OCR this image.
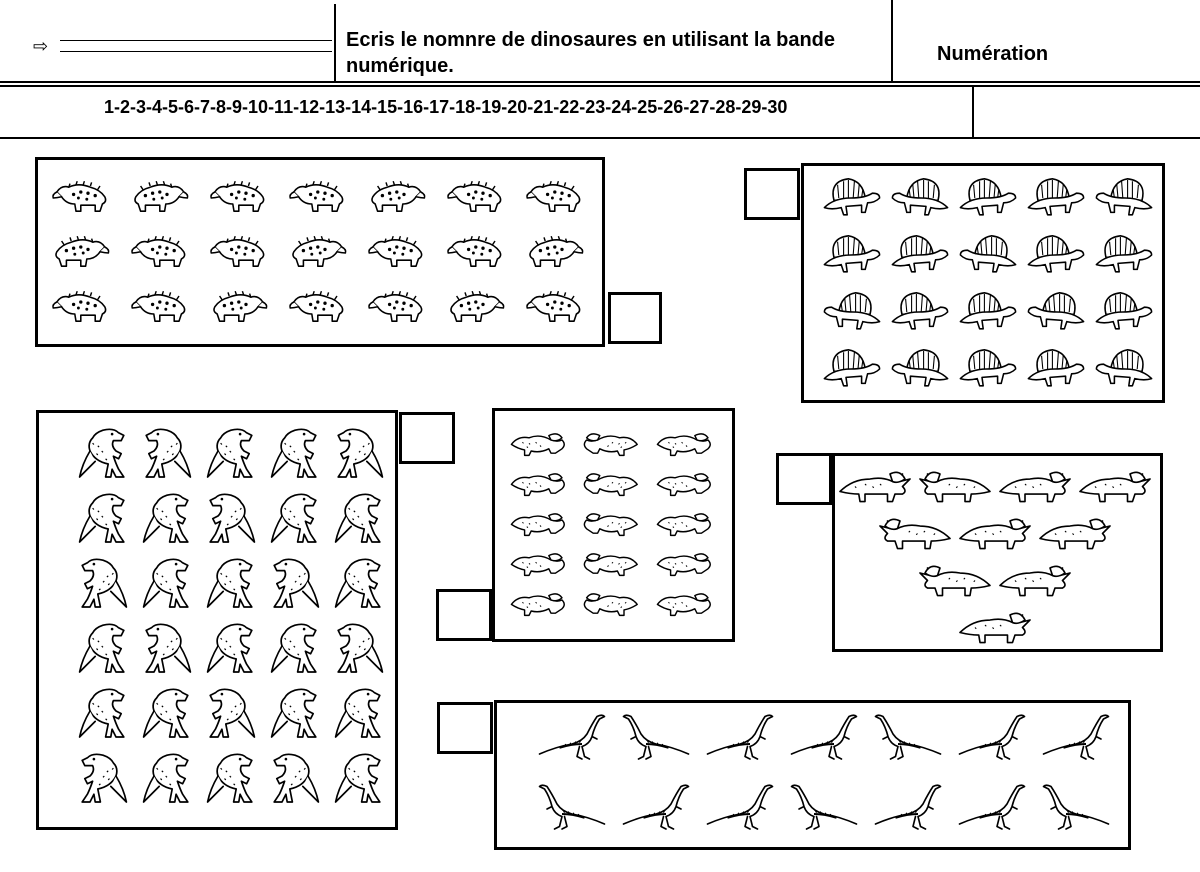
⇨	Ecris le nomnre de dinosaures en utilisant la bande numérique.
Numération
1-2-3-4-5-6-7-8-9-10-11-12-13-14-15-16-17-18-19-20-21-22-23-24-25-26-27-28-29-30
